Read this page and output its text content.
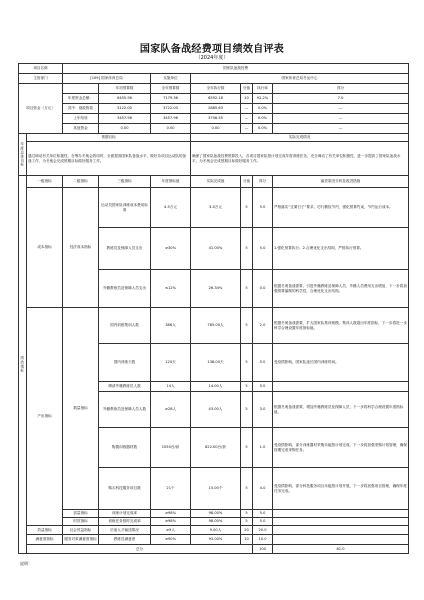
国家队备战经费项目绩效自评表
（2024年度）
项目名称		国家队备战经费							
主管部门		[109] 国家体育总局		实施单位	国家体育总局冬运中心				
项目资金（万元）			年初预算数	全年预算数	全年执行数	分值	执行率	得分	
		年度资金总额：	6455.96	7179.36	6592.18	10	92.2%	7.0	
		其中：财政拨款	3122.00	3722.00	2885.63	—	0.0%	—	
		上年结转	3457.96	3457.96	3706.55	—	0.0%	—	
		其他资金	0.00	0.00	0.00	—	0.0%	—	
年度总体目标	预期目标				实际完成情况				
	通过调动有关单位积极性，在筹办冬奥会的同时，全面提高国家队备战水平，做好各项目运动队的备战工作，为冬奥会完成预期目标做好服务工作。				确保了国家队备战经费预算投入，各项目国家队按计划完成年度训练任务，充分调动了有关单位积极性，进一步提高了国家队备战水平，为冬奥会完成预期目标做好服务工作。				
绩效指标	一级指标	二级指标	三级指标	年度指标值	实际完成值	分值	得分	偏差原因分析及改进措施	
	成本指标	经济成本指标	运动员国家队训练成本费用标准	4.5万元	3.4万元	5	5.0	严格落实“过紧日子”要求，厉行勤俭节约，强化预算约束，节约运行成本。	
			教练员及保障人员支出	≥30%	41.00%	5	5.0	1.强化预算执行；2.合理优化支出结构，严格执行预算。	
			外籍教练员及保障人员支出	≤12%	26.34%	5	0.0	根据冬奥备战需要，引进外籍教练及保障人员，外籍人员费用支出增加，下一步将加强预算编制的科学性，合理优化支出结构。	
	产出指标	数量指标	国内训练集训人数	386人	785.00人	5	2.0	根据冬奥备战需要，扩大国家队集训规模，集训人数超出年度指标，下一步将进一步科学合理设置年度指标值。	
			国内训练天数	120天	138.00天	5	5.0	受疫情影响，国家队延长国内训练时间。	
			聘请外籍教练员人数	14人	14.00人	5	5.0		
			外籍教练员及保障人员人数	≥28人	43.00人	5	3.0	根据冬奥备战需要，增加外籍教练员及保障人员，下一步将科学合理设置年度指标值。	
			购置训练器材数	1050台/套	822.00台/套	5	1.0	受疫情影响，部分训练器材采购未能按计划完成，下一步将加强采购计划管理，确保按期完成采购任务。	
			购买科技服务项目数	21个	15.00个	5	4.0	受疫情影响，部分科技服务项目未能按计划开展，下一步将加强项目管理，确保年度任务完成。	
		质量指标	训练计划完成率	≥98%	98.00%	5	5.0		
		时效指标	训练任务按时完成率	≥98%	98.00%	5	5.0		
	效益指标	社会效益指标	后备人才输送情况	≥9人	9.00人	20	20.0		
	满意度指标	服务对象满意度指标	教练员满意度	≥90%	93.00%	10	10.0		
	总分						100	81.0	
说明：
